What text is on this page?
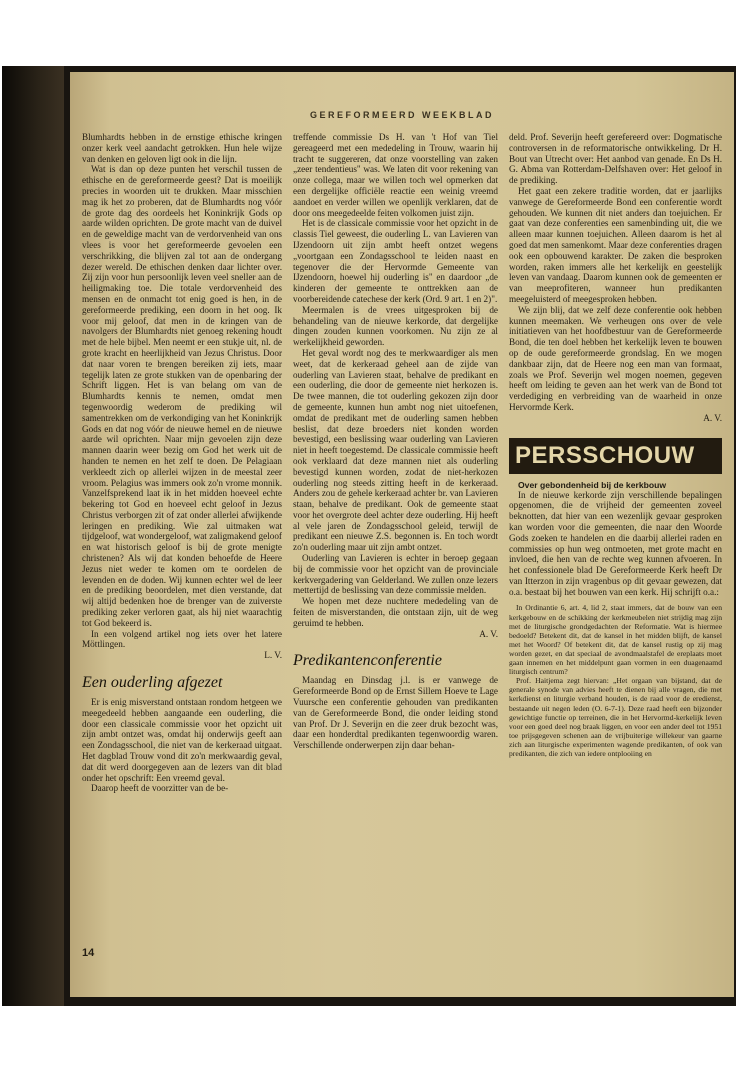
GEREFORMEERD WEEKBLAD

Blumhardts hebben in de ernstige ethische kringen onzer kerk veel aandacht getrokken. Hun hele wijze van denken en geloven ligt ook in die lijn.

Wat is dan op deze punten het verschil tussen de ethische en de gereformeerde geest? Dat is moeilijk precies in woorden uit te drukken. Maar misschien mag ik het zo proberen, dat de Blumhardts nog vóór de grote dag des oordeels het Koninkrijk Gods op aarde wilden oprichten. De grote macht van de duivel en de geweldige macht van de verdorvenheid van ons vlees is voor het gereformeerde gevoelen een verschrikking, die blijven zal tot aan de ondergang dezer wereld. De ethischen denken daar lichter over. Zij zijn voor hun persoonlijk leven veel sneller aan de heiligmaking toe. Die totale verdorvenheid des mensen en de onmacht tot enig goed is hen, in de gereformeerde prediking, een doorn in het oog. Ik voor mij geloof, dat men in de kringen van de navolgers der Blumhardts niet genoeg rekening houdt met de hele bijbel. Men neemt er een stukje uit, nl. de grote kracht en heerlijkheid van Jezus Christus. Door dat naar voren te brengen bereiken zij iets, maar tegelijk laten ze grote stukken van de openbaring der Schrift liggen. Het is van belang om van de Blumhardts kennis te nemen, omdat men tegenwoordig wederom de prediking wil samentrekken om de verkondiging van het Koninkrijk Gods en dat nog vóór de nieuwe hemel en de nieuwe aarde wil oprichten. Naar mijn gevoelen zijn deze mannen daarin weer bezig om God het werk uit de handen te nemen en het zelf te doen. De Pelagiaan verkleedt zich op allerlei wijzen in de meestal zeer vroom. Pelagius was immers ook zo'n vrome monnik. Vanzelfsprekend laat ik in het midden hoeveel echte bekering tot God en hoeveel echt geloof in Jezus Christus verborgen zit of zat onder allerlei afwijkende leringen en prediking. Wie zal uitmaken wat tijdgeloof, wat wondergeloof, wat zaligmakend geloof en wat historisch geloof is bij de grote menigte christenen? Als wij dat konden behoefde de Heere Jezus niet weder te komen om te oordelen de levenden en de doden. Wij kunnen echter wel de leer en de prediking beoordelen, met dien verstande, dat wij altijd bedenken hoe de brenger van de zuiverste prediking zeker verloren gaat, als hij niet waarachtig tot God bekeerd is.

In een volgend artikel nog iets over het latere Möttlingen.

L. V.

Een ouderling afgezet

Er is enig misverstand ontstaan rondom hetgeen we meegedeeld hebben aangaande een ouderling, die door een classicale commissie voor het opzicht uit zijn ambt ontzet was, omdat hij onderwijs geeft aan een Zondagsschool, die niet van de kerkeraad uitgaat. Het dagblad Trouw vond dit zo'n merkwaardig geval, dat dit werd doorgegeven aan de lezers van dit blad onder het opschrift: Een vreemd geval.

Daarop heeft de voorzitter van de be-

treffende commissie Ds H. van 't Hof van Tiel gereageerd met een mededeling in Trouw, waarin hij tracht te suggereren, dat onze voorstelling van zaken „zeer tendentieus" was. We laten dit voor rekening van onze collega, maar we willen toch wel opmerken dat een dergelijke officiële reactie een weinig vreemd aandoet en verder willen we openlijk verklaren, dat de door ons meegedeelde feiten volkomen juist zijn.

Het is de classicale commissie voor het opzicht in de classis Tiel geweest, die ouderling L. van Lavieren van IJzendoorn uit zijn ambt heeft ontzet wegens „voortgaan een Zondagsschool te leiden naast en tegenover die der Hervormde Gemeente van IJzendoorn, hoewel hij ouderling is" en daardoor „de kinderen der gemeente te onttrekken aan de voorbereidende catechese der kerk (Ord. 9 art. 1 en 2)".

Meermalen is de vrees uitgesproken bij de behandeling van de nieuwe kerkorde, dat dergelijke dingen zouden kunnen voorkomen. Nu zijn ze al werkelijkheid geworden.

Het geval wordt nog des te merkwaardiger als men weet, dat de kerkeraad geheel aan de zijde van ouderling van Lavieren staat, behalve de predikant en een ouderling, die door de gemeente niet herkozen is. De twee mannen, die tot ouderling gekozen zijn door de gemeente, kunnen hun ambt nog niet uitoefenen, omdat de predikant met de ouderling samen hebben beslist, dat deze broeders niet konden worden bevestigd, een beslissing waar ouderling van Lavieren niet in heeft toegestemd. De classicale commissie heeft ook verklaard dat deze mannen niet als ouderling bevestigd kunnen worden, zodat de niet-herkozen ouderling nog steeds zitting heeft in de kerkeraad. Anders zou de gehele kerkeraad achter br. van Lavieren staan, behalve de predikant. Ook de gemeente staat voor het overgrote deel achter deze ouderling. Hij heeft al vele jaren de Zondagsschool geleid, terwijl de predikant een nieuwe Z.S. begonnen is. En toch wordt zo'n ouderling maar uit zijn ambt ontzet.

Ouderling van Lavieren is echter in beroep gegaan bij de commissie voor het opzicht van de provinciale kerkvergadering van Gelderland. We zullen onze lezers mettertijd de beslissing van deze commissie melden.

We hopen met deze nuchtere mededeling van de feiten de misverstanden, die ontstaan zijn, uit de weg geruimd te hebben.

A. V.

Predikantenconferentie

Maandag en Dinsdag j.l. is er vanwege de Gereformeerde Bond op de Ernst Sillem Hoeve te Lage Vuursche een conferentie gehouden van predikanten van de Gereformeerde Bond, die onder leiding stond van Prof. Dr J. Severijn en die zeer druk bezocht was, daar een honderdtal predikanten tegenwoordig waren. Verschillende onderwerpen zijn daar behan-

deld. Prof. Severijn heeft gerefereerd over: Dogmatische controversen in de reformatorische ontwikkeling. Dr H. Bout van Utrecht over: Het aanbod van genade. En Ds H. G. Abma van Rotterdam-Delfshaven over: Het geloof in de prediking.

Het gaat een zekere traditie worden, dat er jaarlijks vanwege de Gereformeerde Bond een conferentie wordt gehouden. We kunnen dit niet anders dan toejuichen. Er gaat van deze conferenties een samenbinding uit, die we alleen maar kunnen toejuichen. Alleen daarom is het al goed dat men samenkomt. Maar deze conferenties dragen ook een opbouwend karakter. De zaken die besproken worden, raken immers alle het kerkelijk en geestelijk leven van vandaag. Daarom kunnen ook de gemeenten er van meeprofiteren, wanneer hun predikanten meegeluisterd of meegesproken hebben.

We zijn blij, dat we zelf deze conferentie ook hebben kunnen meemaken. We verheugen ons over de vele initiatieven van het hoofdbestuur van de Gereformeerde Bond, die ten doel hebben het kerkelijk leven te bouwen op de oude gereformeerde grondslag. En we mogen dankbaar zijn, dat de Heere nog een man van formaat, zoals we Prof. Severijn wel mogen noemen, gegeven heeft om leiding te geven aan het werk van de Bond tot verdediging en verbreiding van de waarheid in onze Hervormde Kerk.

A. V.

PERSSCHOUW

Over gebondenheid bij de kerkbouw

In de nieuwe kerkorde zijn verschillende bepalingen opgenomen, die de vrijheid der gemeenten zoveel beknotten, dat hier van een wezenlijk gevaar gesproken kan worden voor die gemeenten, die naar den Woorde Gods zoeken te handelen en die daarbij allerlei raden en commissies op hun weg ontmoeten, met grote macht en invloed, die hen van de rechte weg kunnen afvoeren. In het confessionele blad De Gereformeerde Kerk heeft Dr van Itterzon in zijn vragenbus op dit gevaar gewezen, dat o.a. bestaat bij het bouwen van een kerk. Hij schrijft o.a.:

In Ordinantie 6, art. 4, lid 2, staat immers, dat de bouw van een kerkgebouw en de schikking der kerkmeubelen niet strijdig mag zijn met de liturgische grondgedachten der Reformatie. Wat is hiermee bedoeld? Betekent dit, dat de kansel in het midden blijft, de kansel met het Woord? Of betekent dit, dat de kansel rustig op zij mag worden gezet, en dat speciaal de avondmaalstafel de ereplaats moet gaan innemen en het middelpunt gaan vormen in een duagenaamd liturgisch centrum?

Prof. Haitjema zegt hiervan: „Het orgaan van bijstand, dat de generale synode van advies heeft te dienen bij alle vragen, die met kerkdienst en liturgie verband houden, is de raad voor de eredienst, bestaande uit negen leden (O. 6-7-1). Deze raad heeft een bijzonder gewichtige functie op terreinen, die in het Hervormd-kerkelijk leven voor een goed deel nog braak liggen, en voor een ander deel tot 1951 toe prijsgegeven schenen aan de vrijbuiterige willekeur van gaarne zich aan liturgische experimenten wagende predikanten, of ook van predikanten, die zich van iedere ontplooiing en

14
